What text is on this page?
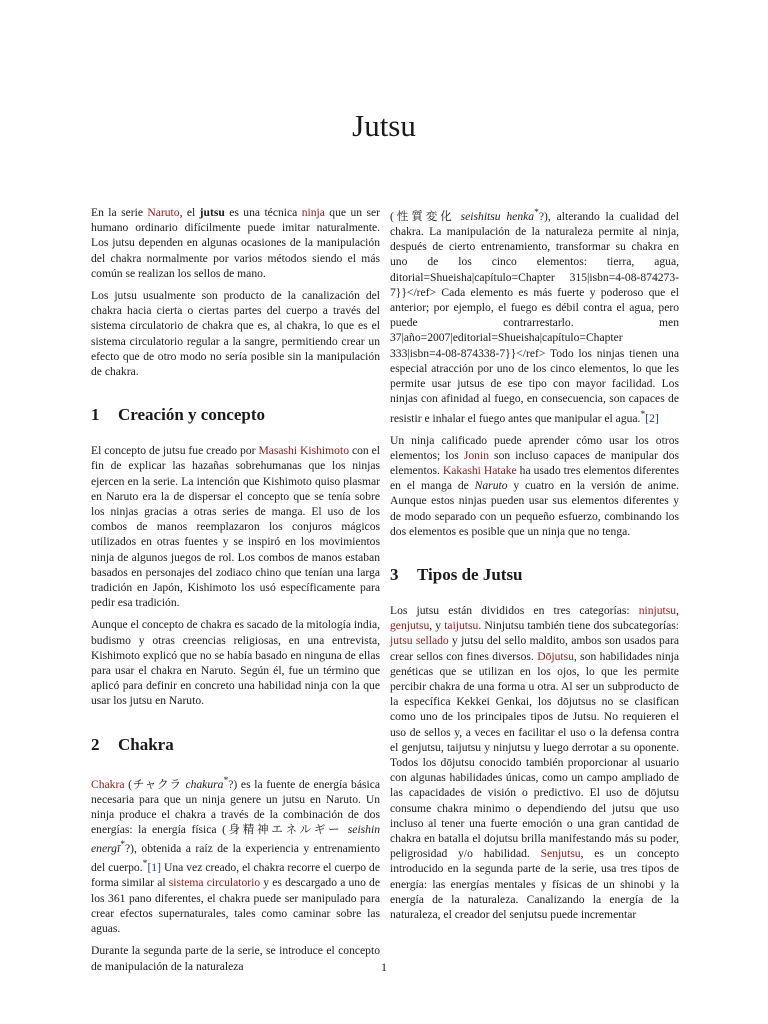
Jutsu

En la serie Naruto, el jutsu es una técnica ninja que un ser humano ordinario difícilmente puede imitar naturalmente. Los jutsu dependen en algunas ocasiones de la manipulación del chakra normalmente por varios métodos siendo el más común se realizan los sellos de mano.

Los jutsu usualmente son producto de la canalización del chakra hacia cierta o ciertas partes del cuerpo a través del sistema circulatorio de chakra que es, al chakra, lo que es el sistema circulatorio regular a la sangre, permitiendo crear un efecto que de otro modo no sería posible sin la manipulación de chakra.

1 Creación y concepto

El concepto de jutsu fue creado por Masashi Kishimoto con el fin de explicar las hazañas sobrehumanas que los ninjas ejercen en la serie. La intención que Kishimoto quiso plasmar en Naruto era la de dispersar el concepto que se tenía sobre los ninjas gracias a otras series de manga. El uso de los combos de manos reemplazaron los conjuros mágicos utilizados en otras fuentes y se inspiró en los movimientos ninja de algunos juegos de rol. Los combos de manos estaban basados en personajes del zodiaco chino que tenían una larga tradición en Japón, Kishimoto los usó específicamente para pedir esa tradición.

Aunque el concepto de chakra es sacado de la mitología india, budismo y otras creencias religiosas, en una entrevista, Kishimoto explicó que no se había basado en ninguna de ellas para usar el chakra en Naruto. Según él, fue un término que aplicó para definir en concreto una habilidad ninja con la que usar los jutsu en Naruto.

2 Chakra

Chakra (チャクラ chakura*?) es la fuente de energía básica necesaria para que un ninja genere un jutsu en Naruto. Un ninja produce el chakra a través de la combinación de dos energías: la energía física (身精神エネルギー seishin energī*?), obtenida a raíz de la experiencia y entrenamiento del cuerpo.*[1] Una vez creado, el chakra recorre el cuerpo de forma similar al sistema circulatorio y es descargado a uno de los 361 pano diferentes, el chakra puede ser manipulado para crear efectos supernaturales, tales como caminar sobre las aguas.

Durante la segunda parte de la serie, se introduce el concepto de manipulación de la naturaleza

(性質変化 seishitsu henka*?), alterando la cualidad del chakra. La manipulación de la naturaleza permite al ninja, después de cierto entrenamiento, transformar su chakra en uno de los cinco elementos: tierra, agua, ditorial=Shueisha|capítulo=Chapter 315|isbn=4-08-874273-7}}</ref> Cada elemento es más fuerte y poderoso que el anterior; por ejemplo, el fuego es débil contra el agua, pero puede contrarrestarlo. men 37|año=2007|editorial=Shueisha|capítulo=Chapter 333|isbn=4-08-874338-7}}</ref> Todo los ninjas tienen una especial atracción por uno de los cinco elementos, lo que les permite usar jutsus de ese tipo con mayor facilidad. Los ninjas con afinidad al fuego, en consecuencia, son capaces de resistir e inhalar el fuego antes que manipular el agua.*[2]

Un ninja calificado puede aprender cómo usar los otros elementos; los Jonin son incluso capaces de manipular dos elementos. Kakashi Hatake ha usado tres elementos diferentes en el manga de Naruto y cuatro en la versión de anime. Aunque estos ninjas pueden usar sus elementos diferentes y de modo separado con un pequeño esfuerzo, combinando los dos elementos es posible que un ninja que no tenga.

3 Tipos de Jutsu

Los jutsu están divididos en tres categorías: ninjutsu, genjutsu, y taijutsu. Ninjutsu también tiene dos subcategorías: jutsu sellado y jutsu del sello maldito, ambos son usados para crear sellos con fines diversos. Dōjutsu, son habilidades ninja genéticas que se utilizan en los ojos, lo que les permite percibir chakra de una forma u otra. Al ser un subproducto de la específica Kekkei Genkai, los dōjutsus no se clasifican como uno de los principales tipos de Jutsu. No requieren el uso de sellos y, a veces en facilitar el uso o la defensa contra el genjutsu, taijutsu y ninjutsu y luego derrotar a su oponente. Todos los dōjutsu conocido también proporcionar al usuario con algunas habilidades únicas, como un campo ampliado de las capacidades de visión o predictivo. El uso de dōjutsu consume chakra minimo o dependiendo del jutsu que uso incluso al tener una fuerte emoción o una gran cantidad de chakra en batalla el dojutsu brilla manifestando más su poder, peligrosidad y/o habilidad. Senjutsu, es un concepto introducido en la segunda parte de la serie, usa tres tipos de energía: las energías mentales y físicas de un shinobi y la energía de la naturaleza. Canalizando la energía de la naturaleza, el creador del senjutsu puede incrementar

1
